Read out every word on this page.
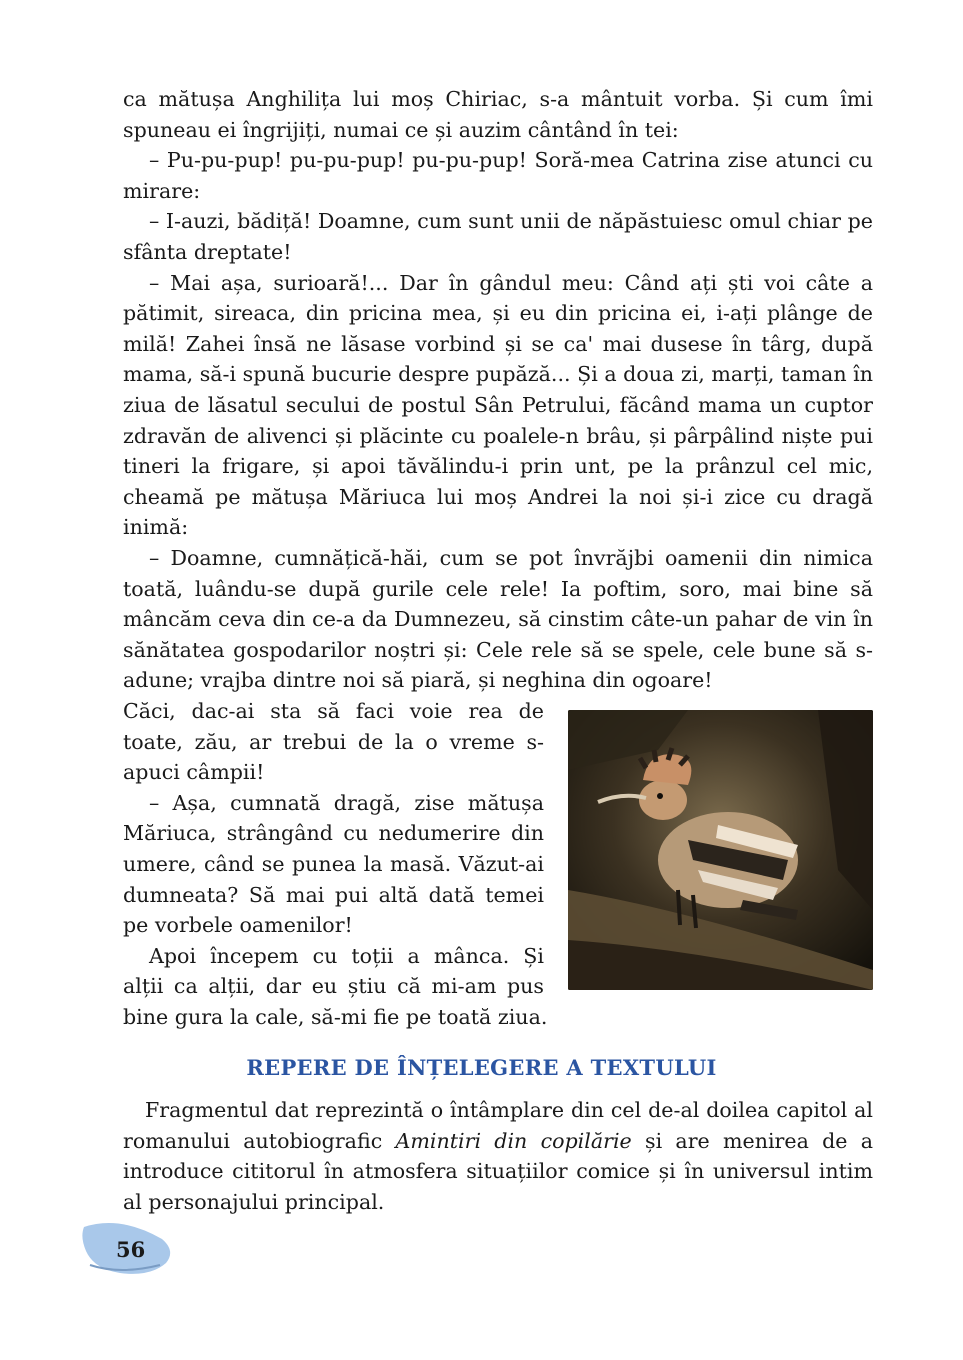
ca mătușa Anghilița lui moș Chiriac, s-a mântuit vorba. Și cum îmi spuneau ei îngrijiți, numai ce și auzim cântând în tei:

– Pu-pu-pup! pu-pu-pup! pu-pu-pup! Soră-mea Catrina zise atunci cu mirare:

– I-auzi, bădiță! Doamne, cum sunt unii de năpăstuiesc omul chiar pe sfânta dreptate!

– Mai așa, surioară!... Dar în gândul meu: Când ați ști voi câte a pătimit, sireaca, din pricina mea, și eu din pricina ei, i-ați plânge de milă! Zahei însă ne lăsase vorbind și se ca' mai dusese în târg, după mama, să-i spună bucurie despre pupăză... Și a doua zi, marți, taman în ziua de lăsatul secului de postul Sân Petrului, făcând mama un cuptor zdravăn de alivenci și plăcinte cu poalele-n brâu, și pârpâlind niște pui tineri la frigare, și apoi tăvălindu-i prin unt, pe la prânzul cel mic, cheamă pe mătușa Măriuca lui moș Andrei la noi și-i zice cu dragă inimă:

– Doamne, cumnățică-hăi, cum se pot învrăjbi oamenii din nimica toată, luându-se după gurile cele rele! Ia poftim, soro, mai bine să mâncăm ceva din ce-a da Dumnezeu, să cinstim câte-un pahar de vin în sănătatea gospodarilor noștri și: Cele rele să se spele, cele bune să s-adune; vrajba dintre noi să piară, și neghina din ogoare!

Căci, dac-ai sta să faci voie rea de toate, zău, ar trebui de la o vreme s-apuci câmpii!

– Așa, cumnată dragă, zise mătușa Măriuca, strângând cu nedumerire din umere, când se punea la masă. Văzut-ai dumneata? Să mai pui altă dată temei pe vorbele oamenilor!

Apoi începem cu toții a mânca. Și alții ca alții, dar eu știu că mi-am pus bine gura la cale, să-mi fie pe toată ziua.

REPERE DE ÎNȚELEGERE A TEXTULUI

Fragmentul dat reprezintă o întâmplare din cel de-al doilea capitol al romanului autobiografic Amintiri din copilărie și are menirea de a introduce cititorul în atmosfera situațiilor comice și în universul intim al personajului principal.

56
